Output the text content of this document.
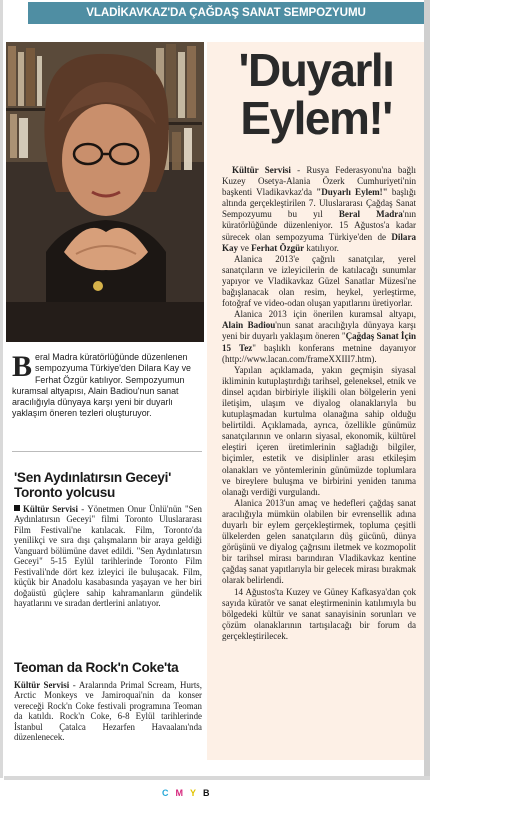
VLADİKAVKAZ'DA ÇAĞDAŞ SANAT SEMPOZYUMU
Beral Madra küratörlüğünde düzenlenen sempozyuma Türkiye'den Dilara Kay ve Ferhat Özgür katılıyor. Sempozyumun kuramsal altyapısı, Alain Badiou'nun sanat aracılığıyla dünyaya karşı yeni bir duyarlı yaklaşım öneren tezleri oluşturuyor.
'Sen Aydınlatırsın Geceyi' Toronto yolcusu

Kültür Servisi - Yönetmen Onur Ünlü'nün "Sen Aydınlatırsın Geceyi" filmi Toronto Uluslararası Film Festivali'ne katılacak. Film, Toronto'da yenilikçi ve sıra dışı çalışmaların bir araya geldiği Vanguard bölümüne davet edildi. "Sen Aydınlatırsın Geceyi" 5-15 Eylül tarihlerinde Toronto Film Festivali'nde dört kez izleyici ile buluşacak. Film, küçük bir Anadolu kasabasında yaşayan ve her biri doğaüstü güçlere sahip kahramanların gündelik hayatlarını ve sıradan dertlerini anlatıyor.

Teoman da Rock'n Coke'ta

Kültür Servisi - Aralarında Primal Scream, Hurts, Arctic Monkeys ve Jamiroquai'nin da konser vereceği Rock'n Coke festivali programına Teoman da katıldı. Rock'n Coke, 6-8 Eylül tarihlerinde İstanbul Çatalca Hezarfen Havaalanı'nda düzenlenecek.

'Duyarlı
Eylem!'

Kültür Servisi - Rusya Federasyonu'na bağlı Kuzey Osetya-Alania Özerk Cumhuriyeti'nin başkenti Vladikavkaz'da "Duyarlı Eylem!" başlığı altında gerçekleştirilen 7. Uluslararası Çağdaş Sanat Sempozyumu bu yıl Beral Madra'nın küratörlüğünde düzenleniyor. 15 Ağustos'a kadar sürecek olan sempozyuma Türkiye'den de Dilara Kay ve Ferhat Özgür katılıyor.

Alanica 2013'e çağrılı sanatçılar, yerel sanatçıların ve izleyicilerin de katılacağı sunumlar yapıyor ve Vladikavkaz Güzel Sanatlar Müzesi'ne bağışlanacak olan resim, heykel, yerleştirme, fotoğraf ve video-odan oluşan yapıtlarını üretiyorlar.

Alanica 2013 için önerilen kuramsal altyapı, Alain Badiou'nun sanat aracılığıyla dünyaya karşı yeni bir duyarlı yaklaşım öneren "Çağdaş Sanat İçin 15 Tez" başlıklı konferans metnine dayanıyor (http://www.lacan.com/frameXXIII7.htm).

Yapılan açıklamada, yakın geçmişin siyasal ikliminin kutuplaştırdığı tarihsel, geleneksel, etnik ve dinsel açıdan birbiriyle ilişkili olan bölgelerin yeni iletişim, ulaşım ve diyalog olanaklarıyla bu kutuplaşmadan kurtulma olanağına sahip olduğu belirtildi. Açıklamada, ayrıca, özellikle günümüz sanatçılarının ve onların siyasal, ekonomik, kültürel eleştiri içeren üretimlerinin sağladığı bilgiler, biçimler, estetik ve disiplinler arası etkileşim olanakları ve yöntemlerinin günümüzde toplumlara ve bireylere buluşma ve birbirini yeniden tanıma olanağı verdiği vurgulandı.

Alanica 2013'un amaç ve hedefleri çağdaş sanat aracılığıyla mümkün olabilen bir evrensellik adına duyarlı bir eylem gerçekleştirmek, topluma çeşitli ülkelerden gelen sanatçıların düş gücünü, dünya görüşünü ve diyalog çağrısını iletmek ve kozmopolit bir tarihsel mirası barındıran Vladikavkaz kentine çağdaş sanat yapıtlarıyla bir gelecek mirası bırakmak olarak belirlendi.

14 Ağustos'ta Kuzey ve Güney Kafkasya'dan çok sayıda küratör ve sanat eleştirmeninin katılımıyla bu bölgedeki kültür ve sanat sanayisinin sorunları ve çözüm olanaklarının tartışılacağı bir forum da gerçekleştirilecek.

CMYB
